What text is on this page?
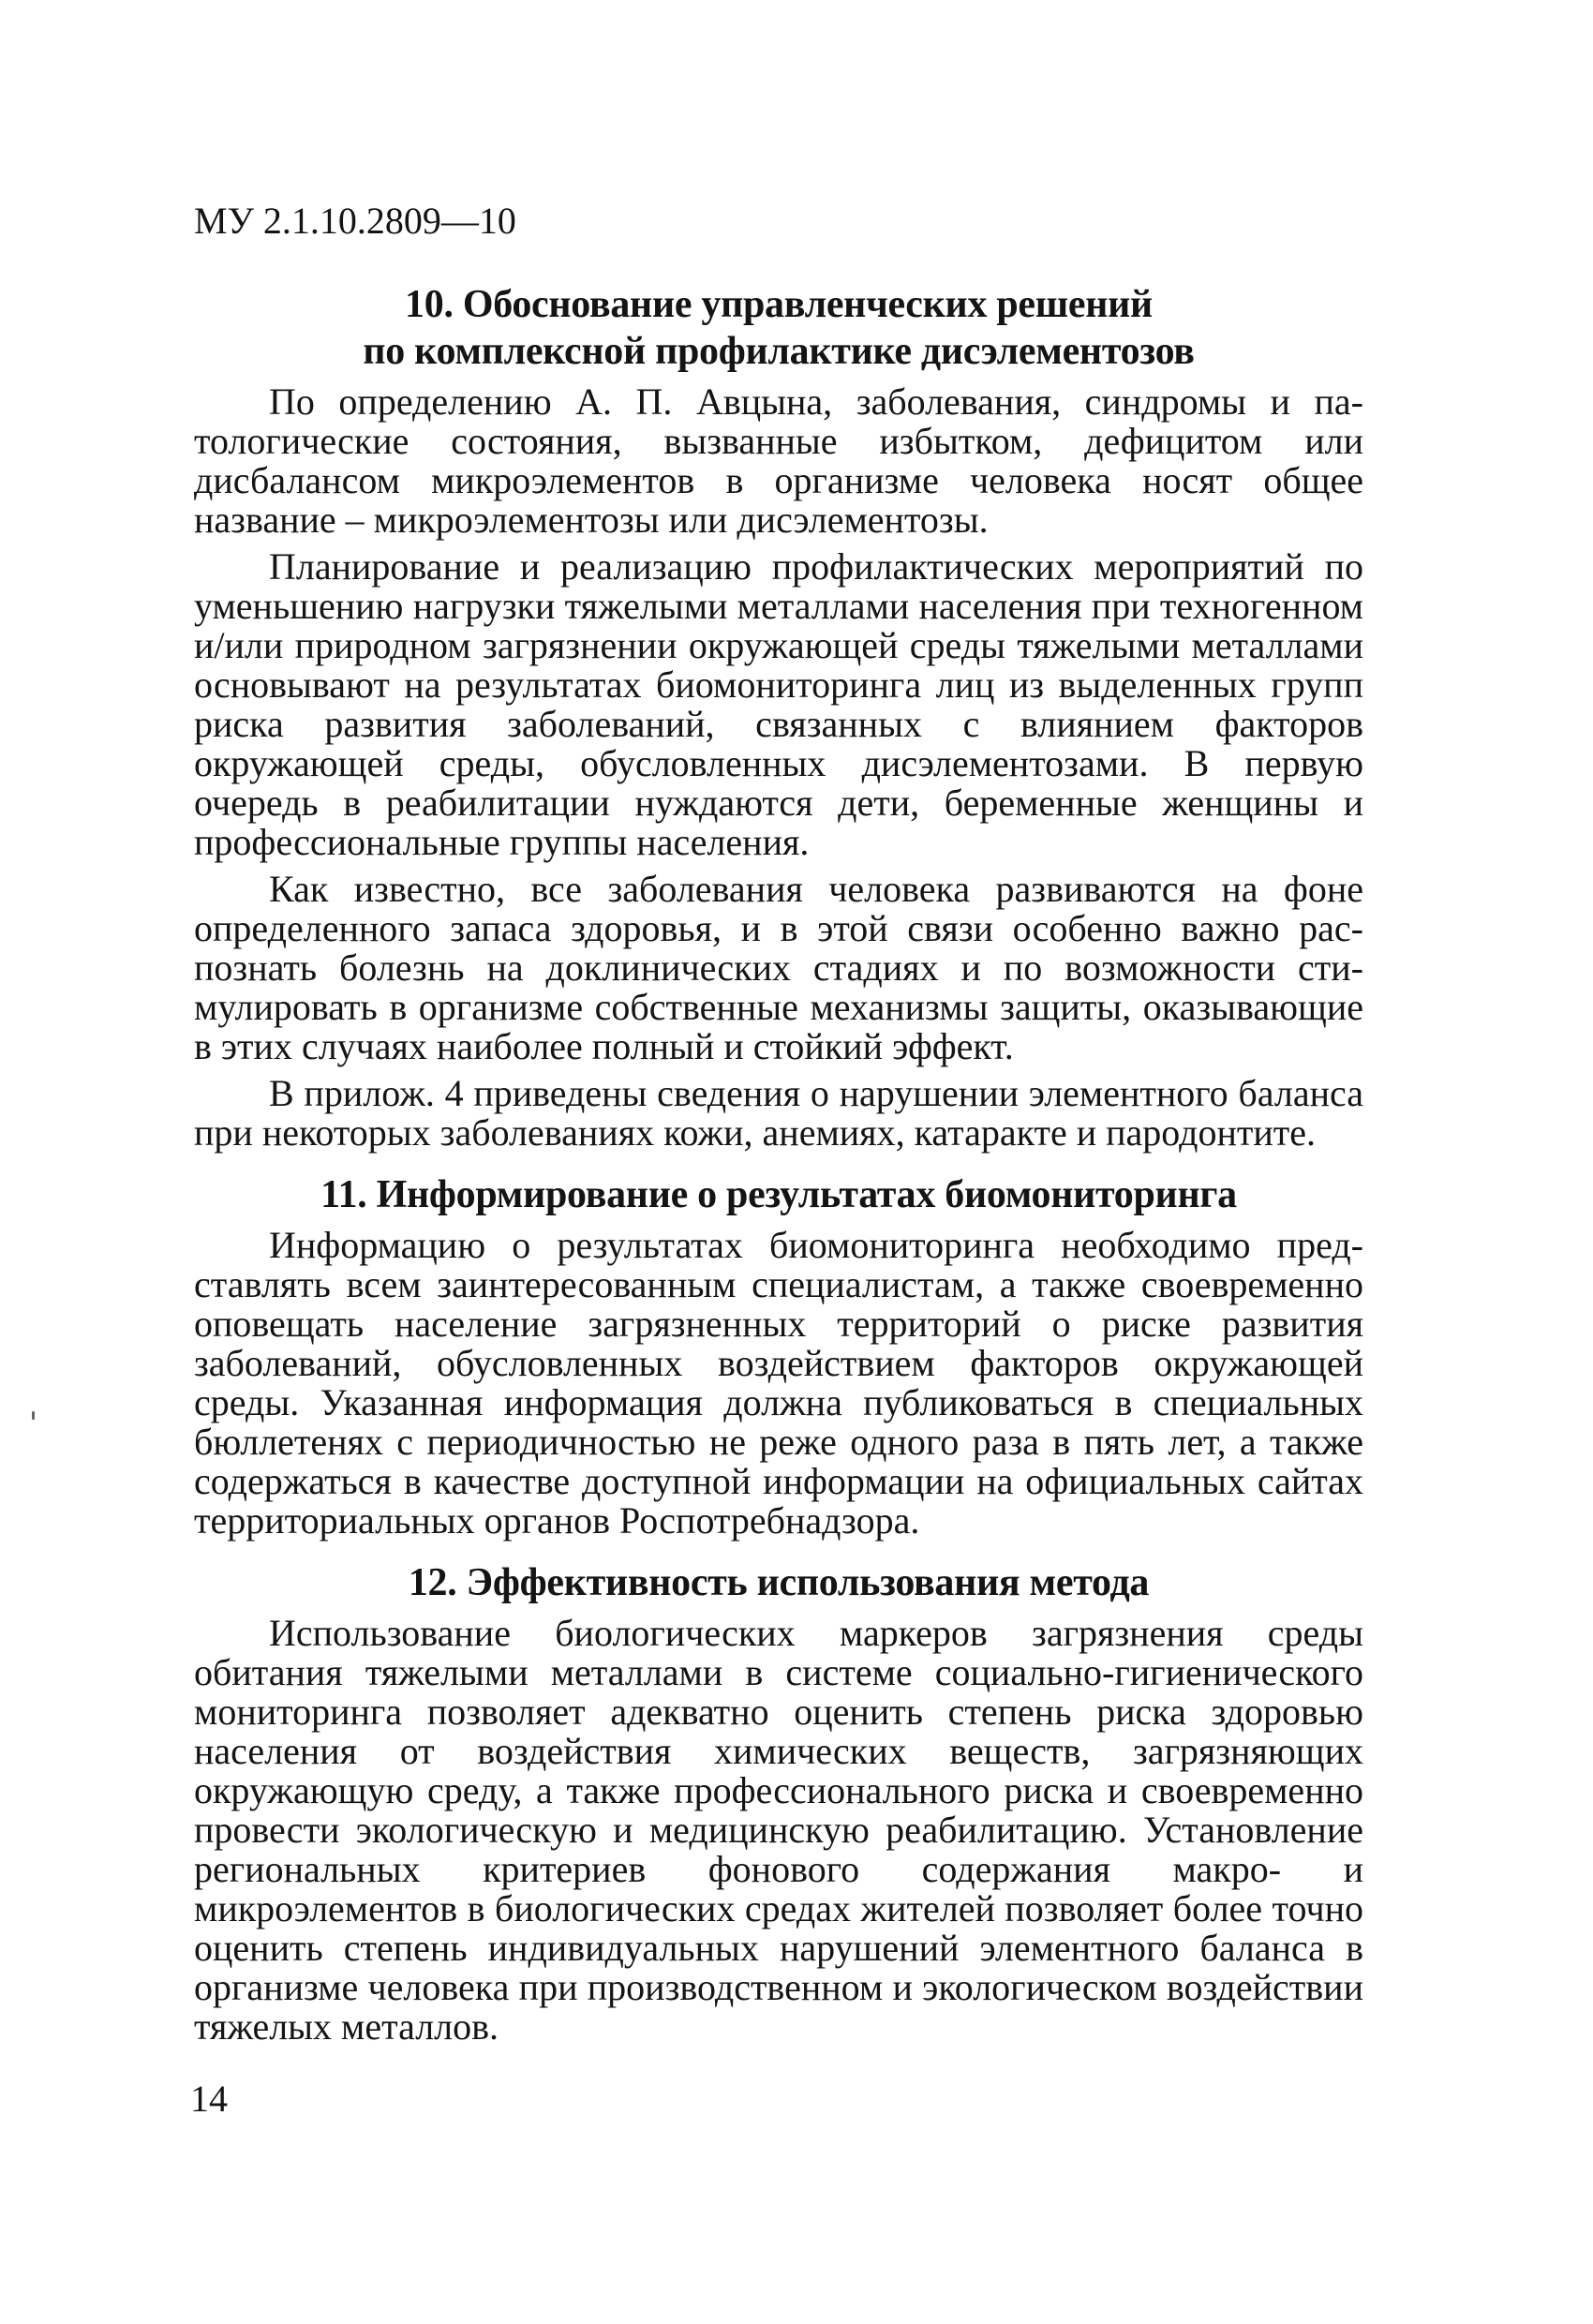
МУ 2.1.10.2809—10

10. Обоснование управленческих решений
по комплексной профилактике дисэлементозов

По определению А. П. Авцына, заболевания, синдромы и патологические состояния, вызванные избытком, дефицитом или дисбалансом микроэлементов в организме человека носят общее название – микроэлементозы или дисэлементозы.

Планирование и реализацию профилактических мероприятий по уменьшению нагрузки тяжелыми металлами населения при техногенном и/или природном загрязнении окружающей среды тяжелыми металлами основывают на результатах биомониторинга лиц из выделенных групп риска развития заболеваний, связанных с влиянием факторов окружающей среды, обусловленных дисэлементозами. В первую очередь в реабилитации нуждаются дети, беременные женщины и профессиональные группы населения.

Как известно, все заболевания человека развиваются на фоне определенного запаса здоровья, и в этой связи особенно важно распознать болезнь на доклинических стадиях и по возможности стимулировать в организме собственные механизмы защиты, оказывающие в этих случаях наиболее полный и стойкий эффект.

В прилож. 4 приведены сведения о нарушении элементного баланса при некоторых заболеваниях кожи, анемиях, катаракте и пародонтите.

11. Информирование о результатах биомониторинга

Информацию о результатах биомониторинга необходимо представлять всем заинтересованным специалистам, а также своевременно оповещать население загрязненных территорий о риске развития заболеваний, обусловленных воздействием факторов окружающей среды. Указанная информация должна публиковаться в специальных бюллетенях с периодичностью не реже одного раза в пять лет, а также содержаться в качестве доступной информации на официальных сайтах территориальных органов Роспотребнадзора.

12. Эффективность использования метода

Использование биологических маркеров загрязнения среды обитания тяжелыми металлами в системе социально-гигиенического мониторинга позволяет адекватно оценить степень риска здоровью населения от воздействия химических веществ, загрязняющих окружающую среду, а также профессионального риска и своевременно провести экологическую и медицинскую реабилитацию. Установление региональных критериев фонового содержания макро- и микроэлементов в биологических средах жителей позволяет более точно оценить степень индивидуальных нарушений элементного баланса в организме человека при производственном и экологическом воздействии тяжелых металлов.

14
